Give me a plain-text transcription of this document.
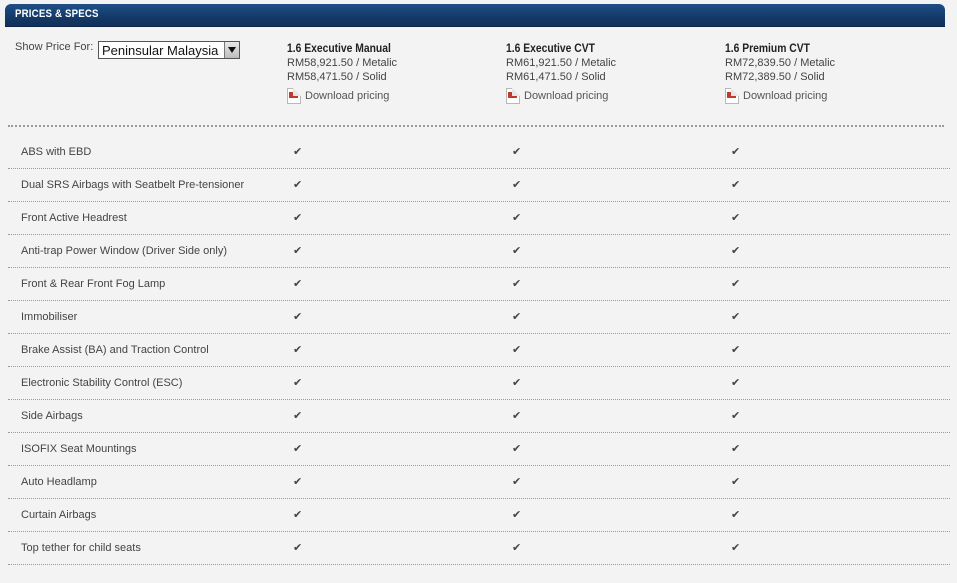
PRICES & SPECS
Show Price For: Peninsular Malaysia	1.6 Executive Manual
RM58,921.50 / Metalic
RM58,471.50 / Solid
Download pricing
1.6 Executive CVT
RM61,921.50 / Metalic
RM61,471.50 / Solid
Download pricing
1.6 Premium CVT
RM72,839.50 / Metalic
RM72,389.50 / Solid
Download pricing
ABS with EBD	✔	✔	✔
Dual SRS Airbags with Seatbelt Pre-tensioner	✔	✔	✔
Front Active Headrest	✔	✔	✔
Anti-trap Power Window (Driver Side only)	✔	✔	✔
Front & Rear Front Fog Lamp	✔	✔	✔
Immobiliser	✔	✔	✔
Brake Assist (BA) and Traction Control	✔	✔	✔
Electronic Stability Control (ESC)	✔	✔	✔
Side Airbags	✔	✔	✔
ISOFIX Seat Mountings	✔	✔	✔
Auto Headlamp	✔	✔	✔
Curtain Airbags	✔	✔	✔
Top tether for child seats	✔	✔	✔
